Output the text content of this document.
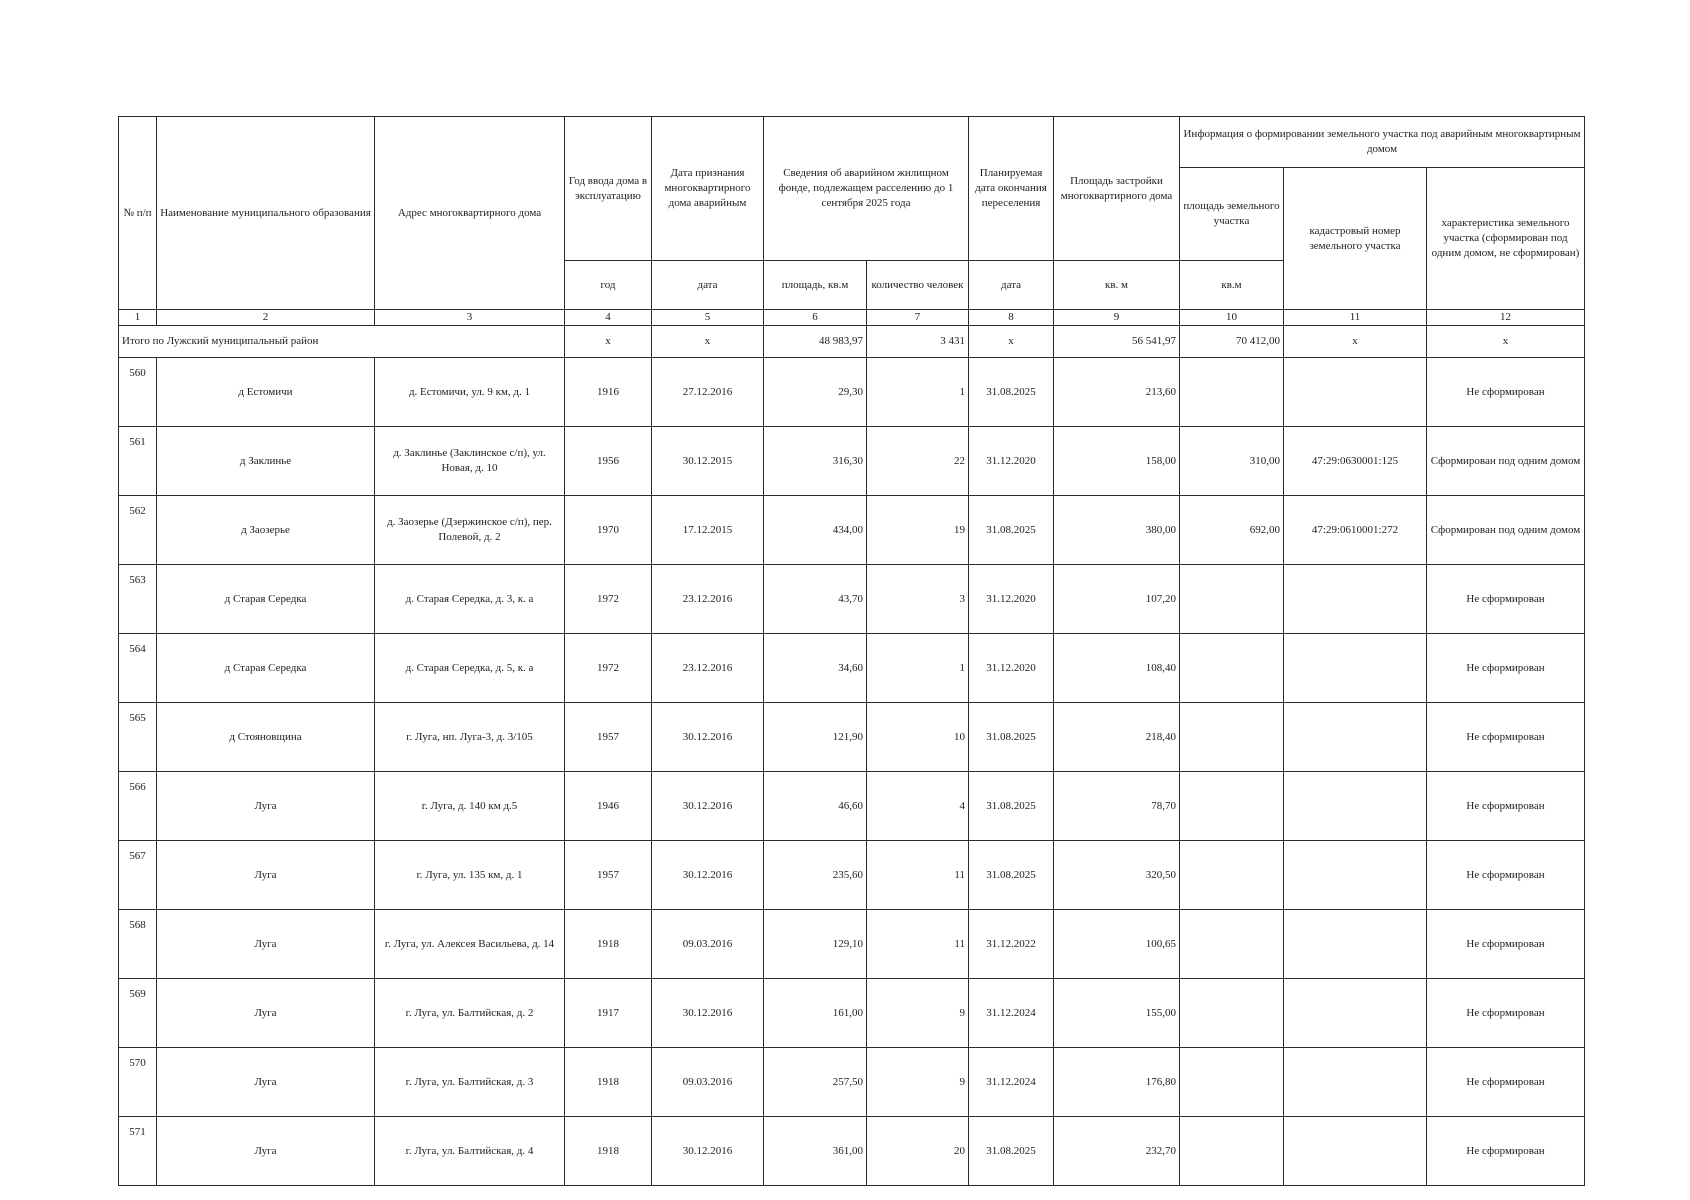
№ п/п	Наименование муниципального образования	Адрес многоквартирного дома	Год ввода дома в эксплуатацию	Дата признания многоквартирного дома аварийным	Сведения об аварийном жилищном фонде, подлежащем расселению до 1 сентября 2025 года		Планируемая дата окончания переселения	Площадь застройки многоквартирного дома	Информация о формировании земельного участка под аварийным многоквартирным домом		
									площадь земельного участка	кадастровый номер земельного участка	характеристика земельного участка (сформирован под одним домом, не сформирован)
			год	дата	площадь, кв.м	количество человек	дата	кв. м	кв.м		
1	2	3	4	5	6	7	8	9	10	11	12
Итого по Лужский муниципальный район			x	x	48 983,97	3 431	x	56 541,97	70 412,00	x	x
560	д Естомичи	д. Естомичи, ул. 9 км, д. 1	1916	27.12.2016	29,30	1	31.08.2025	213,60			Не сформирован
561	д Заклинье	д. Заклинье (Заклинское с/п), ул. Новая, д. 10	1956	30.12.2015	316,30	22	31.12.2020	158,00	310,00	47:29:0630001:125	Сформирован под одним домом
562	д Заозерье	д. Заозерье (Дзержинское с/п), пер. Полевой, д. 2	1970	17.12.2015	434,00	19	31.08.2025	380,00	692,00	47:29:0610001:272	Сформирован под одним домом
563	д Старая Середка	д. Старая Середка, д. 3, к. а	1972	23.12.2016	43,70	3	31.12.2020	107,20			Не сформирован
564	д Старая Середка	д. Старая Середка, д. 5, к. а	1972	23.12.2016	34,60	1	31.12.2020	108,40			Не сформирован
565	д Стояновщина	г. Луга, нп. Луга-3, д. 3/105	1957	30.12.2016	121,90	10	31.08.2025	218,40			Не сформирован
566	Луга	г. Луга, д. 140 км д.5	1946	30.12.2016	46,60	4	31.08.2025	78,70			Не сформирован
567	Луга	г. Луга, ул. 135 км, д. 1	1957	30.12.2016	235,60	11	31.08.2025	320,50			Не сформирован
568	Луга	г. Луга, ул. Алексея Васильева, д. 14	1918	09.03.2016	129,10	11	31.12.2022	100,65			Не сформирован
569	Луга	г. Луга, ул. Балтийская, д. 2	1917	30.12.2016	161,00	9	31.12.2024	155,00			Не сформирован
570	Луга	г. Луга, ул. Балтийская, д. 3	1918	09.03.2016	257,50	9	31.12.2024	176,80			Не сформирован
571	Луга	г. Луга, ул. Балтийская, д. 4	1918	30.12.2016	361,00	20	31.08.2025	232,70			Не сформирован
